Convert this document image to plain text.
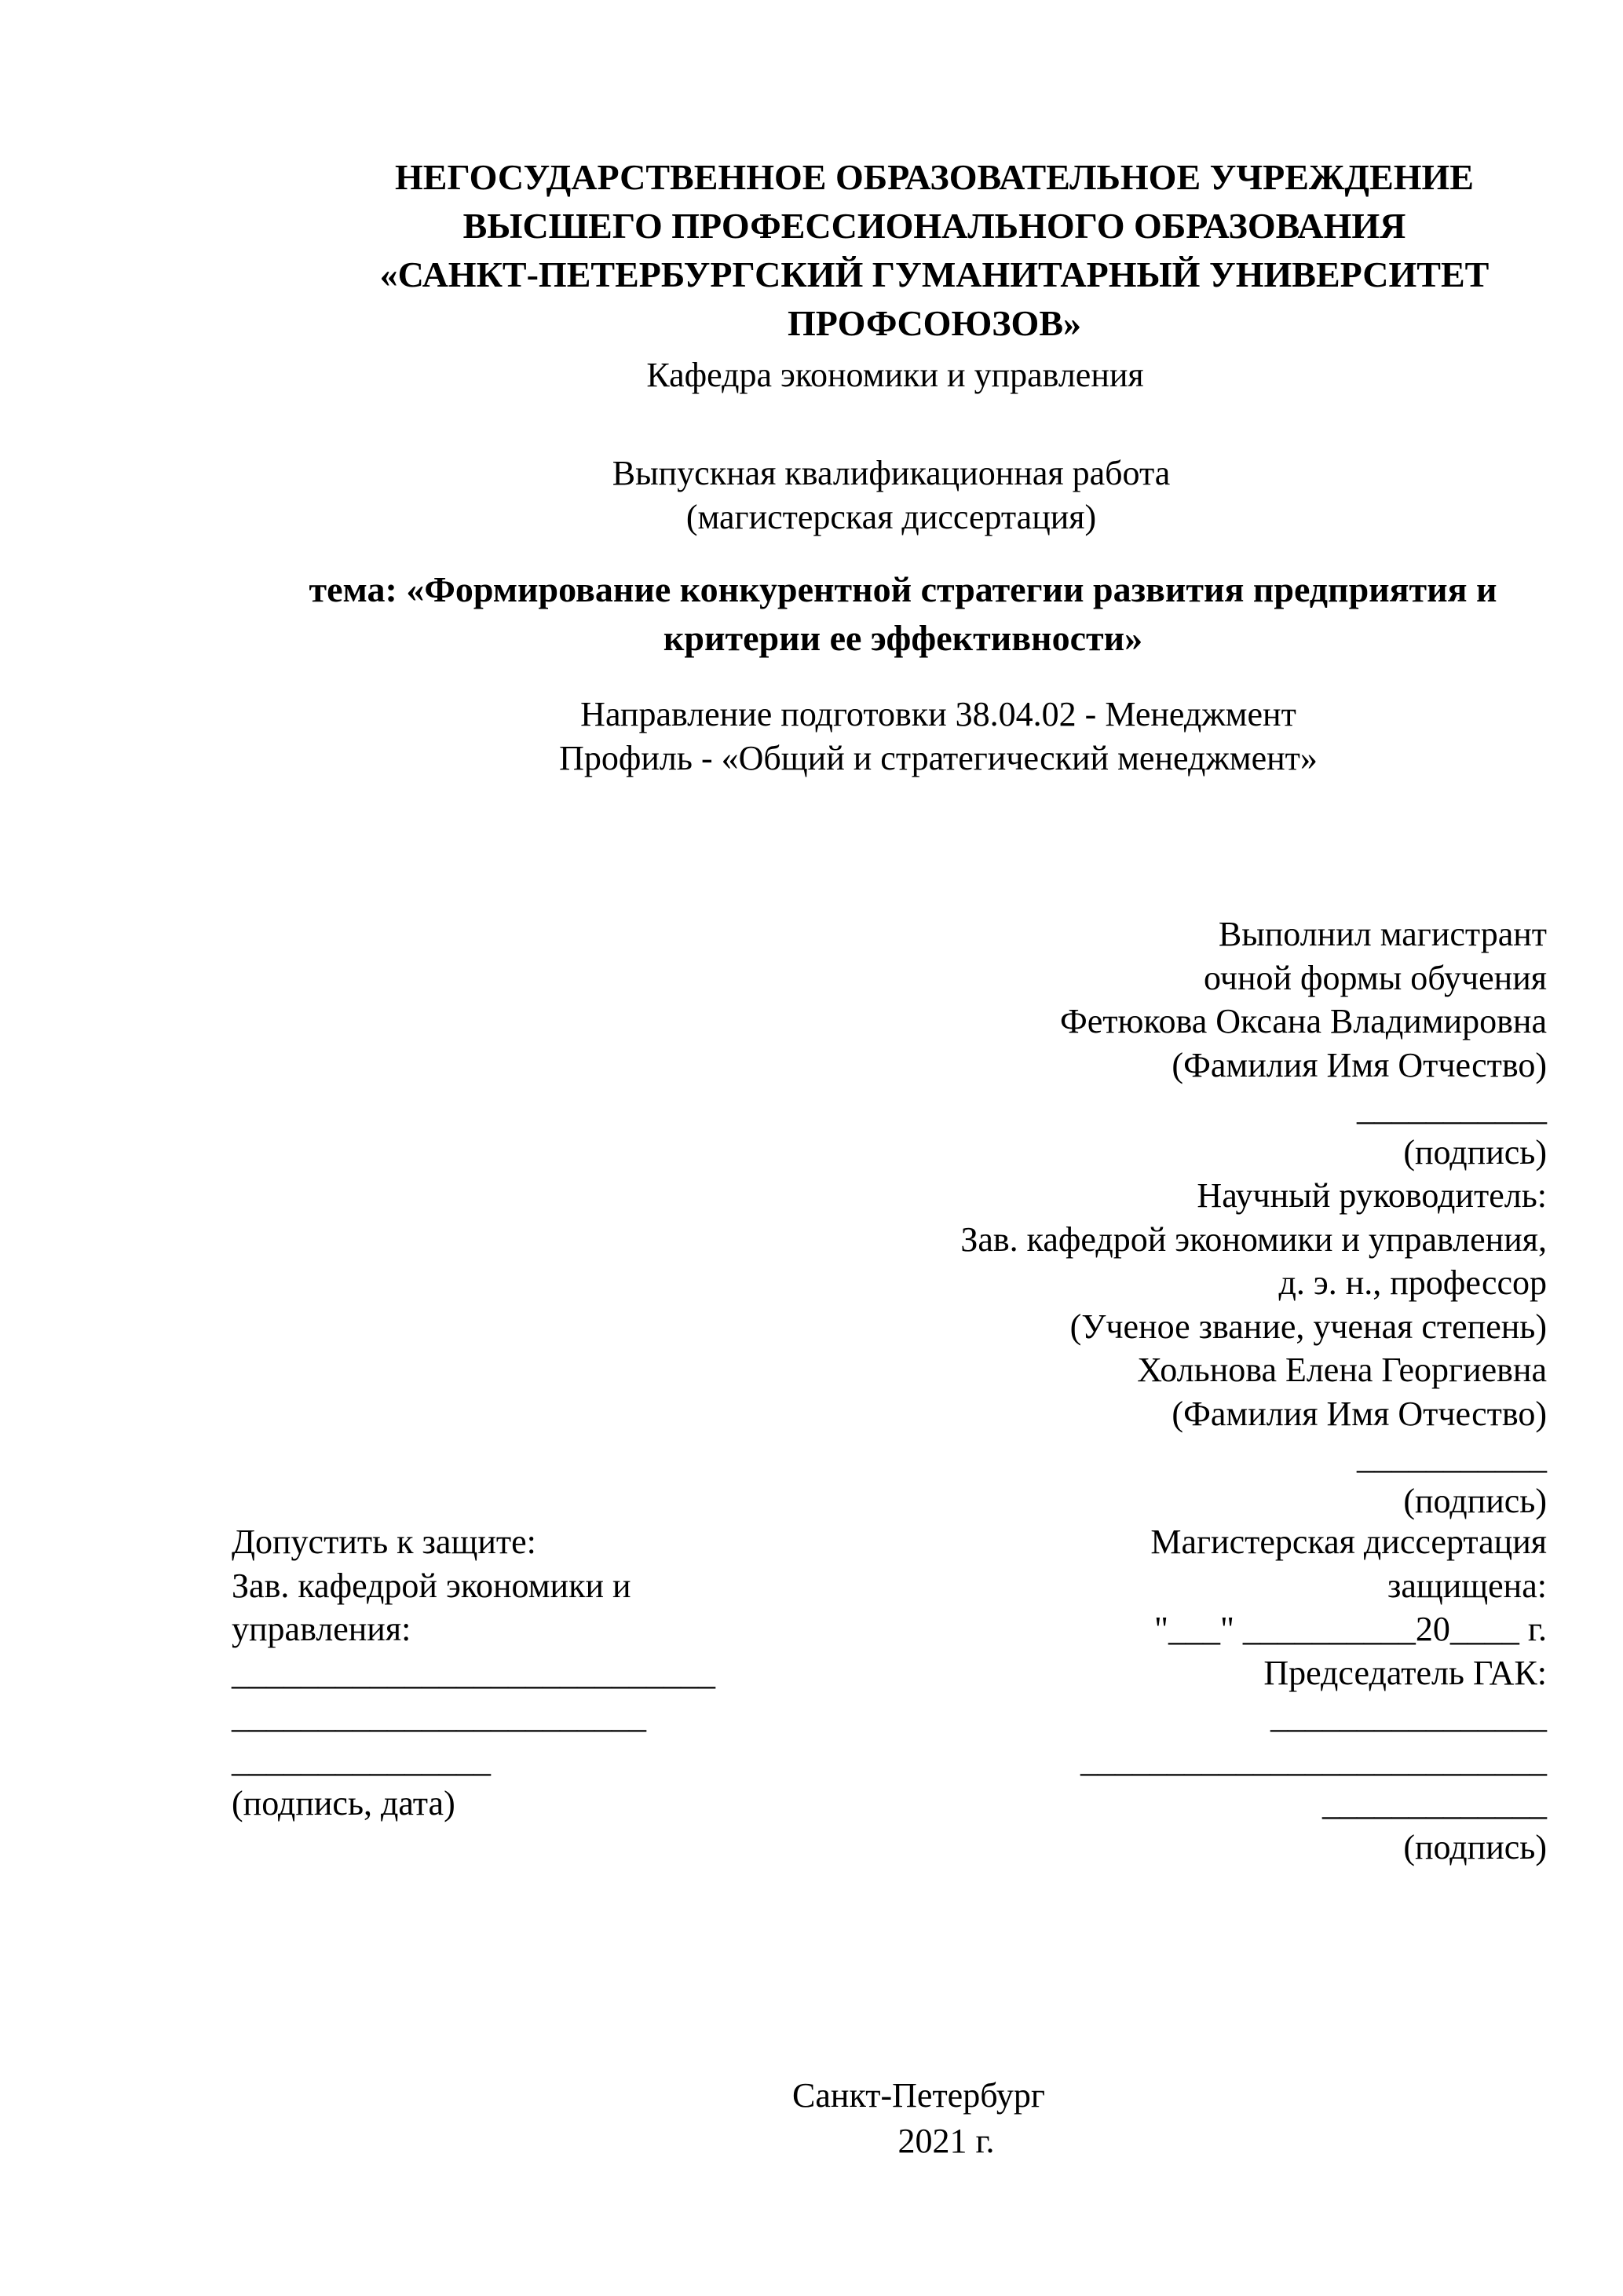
НЕГОСУДАРСТВЕННОЕ ОБРАЗОВАТЕЛЬНОЕ УЧРЕЖДЕНИЕ
ВЫСШЕГО ПРОФЕССИОНАЛЬНОГО ОБРАЗОВАНИЯ
«САНКТ-ПЕТЕРБУРГСКИЙ ГУМАНИТАРНЫЙ УНИВЕРСИТЕТ
ПРОФСОЮЗОВ»
Кафедра экономики и управления
Выпускная квалификационная работа
(магистерская диссертация)
тема: «Формирование конкурентной стратегии развития предприятия и
критерии ее эффективности»
Направление подготовки 38.04.02 - Менеджмент
Профиль - «Общий и стратегический менеджмент»
Выполнил магистрант
очной формы обучения
Фетюкова Оксана Владимировна
(Фамилия Имя Отчество)
___________
(подпись)
Научный руководитель:
Зав. кафедрой экономики и управления,
д. э. н., профессор
(Ученое звание, ученая степень)
Хольнова Елена Георгиевна
(Фамилия Имя Отчество)
___________
(подпись)
Допустить к защите:
Зав. кафедрой экономики и
управления:
____________________________
________________________
_______________
(подпись, дата)
Магистерская диссертация
защищена:
"___" __________20____ г.
Председатель ГАК:
________________
___________________________
_____________
(подпись)
Санкт-Петербург
2021 г.
